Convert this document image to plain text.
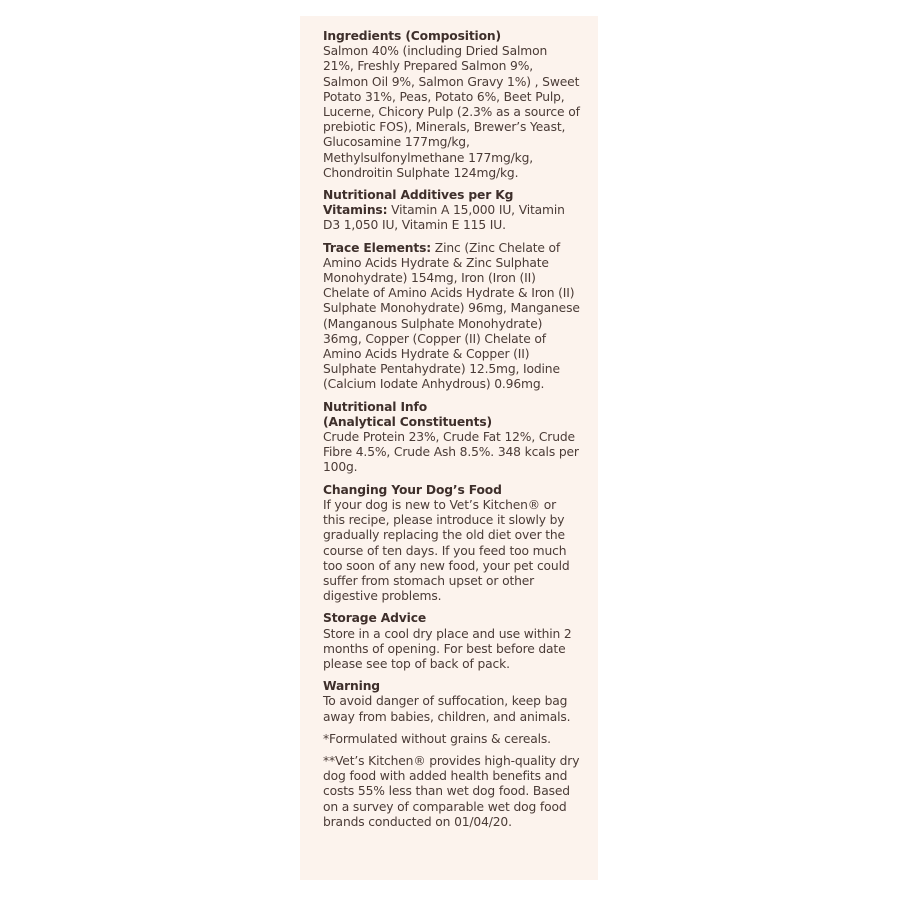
Ingredients (Composition)
Salmon 40% (including Dried Salmon 21%, Freshly Prepared Salmon 9%, Salmon Oil 9%, Salmon Gravy 1%) , Sweet Potato 31%, Peas, Potato 6%, Beet Pulp, Lucerne, Chicory Pulp (2.3% as a source of prebiotic FOS), Minerals, Brewer’s Yeast, Glucosamine 177mg/kg, Methylsulfonylmethane 177mg/kg, Chondroitin Sulphate 124mg/kg.
Nutritional Additives per Kg
Vitamins: Vitamin A 15,000 IU, Vitamin D3 1,050 IU, Vitamin E 115 IU.
Trace Elements: Zinc (Zinc Chelate of Amino Acids Hydrate & Zinc Sulphate Monohydrate) 154mg, Iron (Iron (II) Chelate of Amino Acids Hydrate & Iron (II) Sulphate Monohydrate) 96mg, Manganese (Manganous Sulphate Monohydrate) 36mg, Copper (Copper (II) Chelate of Amino Acids Hydrate & Copper (II) Sulphate Pentahydrate) 12.5mg, Iodine (Calcium Iodate Anhydrous) 0.96mg.
Nutritional Info
(Analytical Constituents)
Crude Protein 23%, Crude Fat 12%, Crude Fibre 4.5%, Crude Ash 8.5%. 348 kcals per 100g.
Changing Your Dog’s Food
If your dog is new to Vet’s Kitchen® or this recipe, please introduce it slowly by gradually replacing the old diet over the course of ten days. If you feed too much too soon of any new food, your pet could suffer from stomach upset or other digestive problems.
Storage Advice
Store in a cool dry place and use within 2 months of opening. For best before date please see top of back of pack.
Warning
To avoid danger of suffocation, keep bag away from babies, children, and animals.
*Formulated without grains & cereals.
**Vet’s Kitchen® provides high-quality dry dog food with added health benefits and costs 55% less than wet dog food. Based on a survey of comparable wet dog food brands conducted on 01/04/20.
